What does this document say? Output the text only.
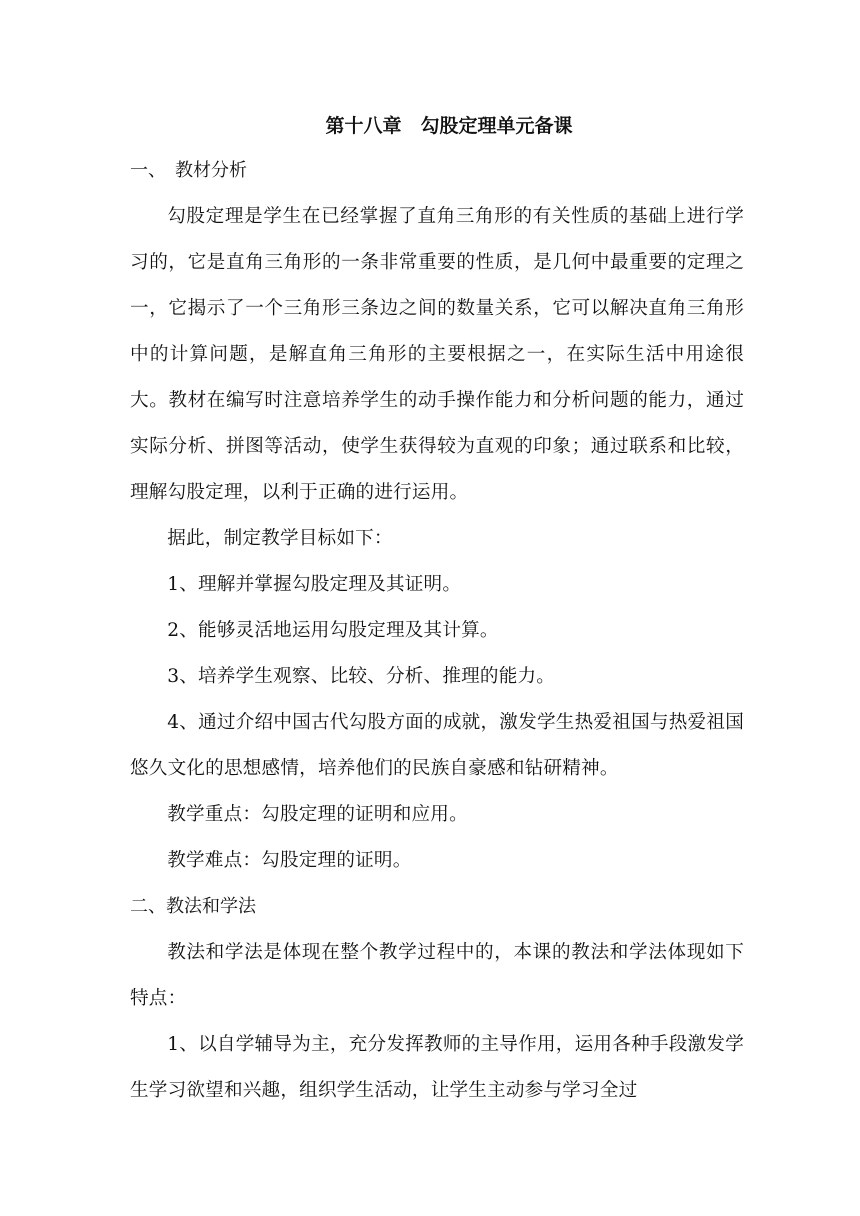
第十八章　勾股定理单元备课

一、　教材分析

勾股定理是学生在已经掌握了直角三角形的有关性质的基础上进行学习的，它是直角三角形的一条非常重要的性质，是几何中最重要的定理之一，它揭示了一个三角形三条边之间的数量关系，它可以解决直角三角形中的计算问题，是解直角三角形的主要根据之一，在实际生活中用途很大。教材在编写时注意培养学生的动手操作能力和分析问题的能力，通过实际分析、拼图等活动，使学生获得较为直观的印象；通过联系和比较，理解勾股定理，以利于正确的进行运用。

据此，制定教学目标如下：

1、理解并掌握勾股定理及其证明。

2、能够灵活地运用勾股定理及其计算。

3、培养学生观察、比较、分析、推理的能力。

4、通过介绍中国古代勾股方面的成就，激发学生热爱祖国与热爱祖国悠久文化的思想感情，培养他们的民族自豪感和钻研精神。

教学重点：勾股定理的证明和应用。

教学难点：勾股定理的证明。

二、教法和学法

教法和学法是体现在整个教学过程中的，本课的教法和学法体现如下特点：

1、以自学辅导为主，充分发挥教师的主导作用，运用各种手段激发学生学习欲望和兴趣，组织学生活动，让学生主动参与学习全过
